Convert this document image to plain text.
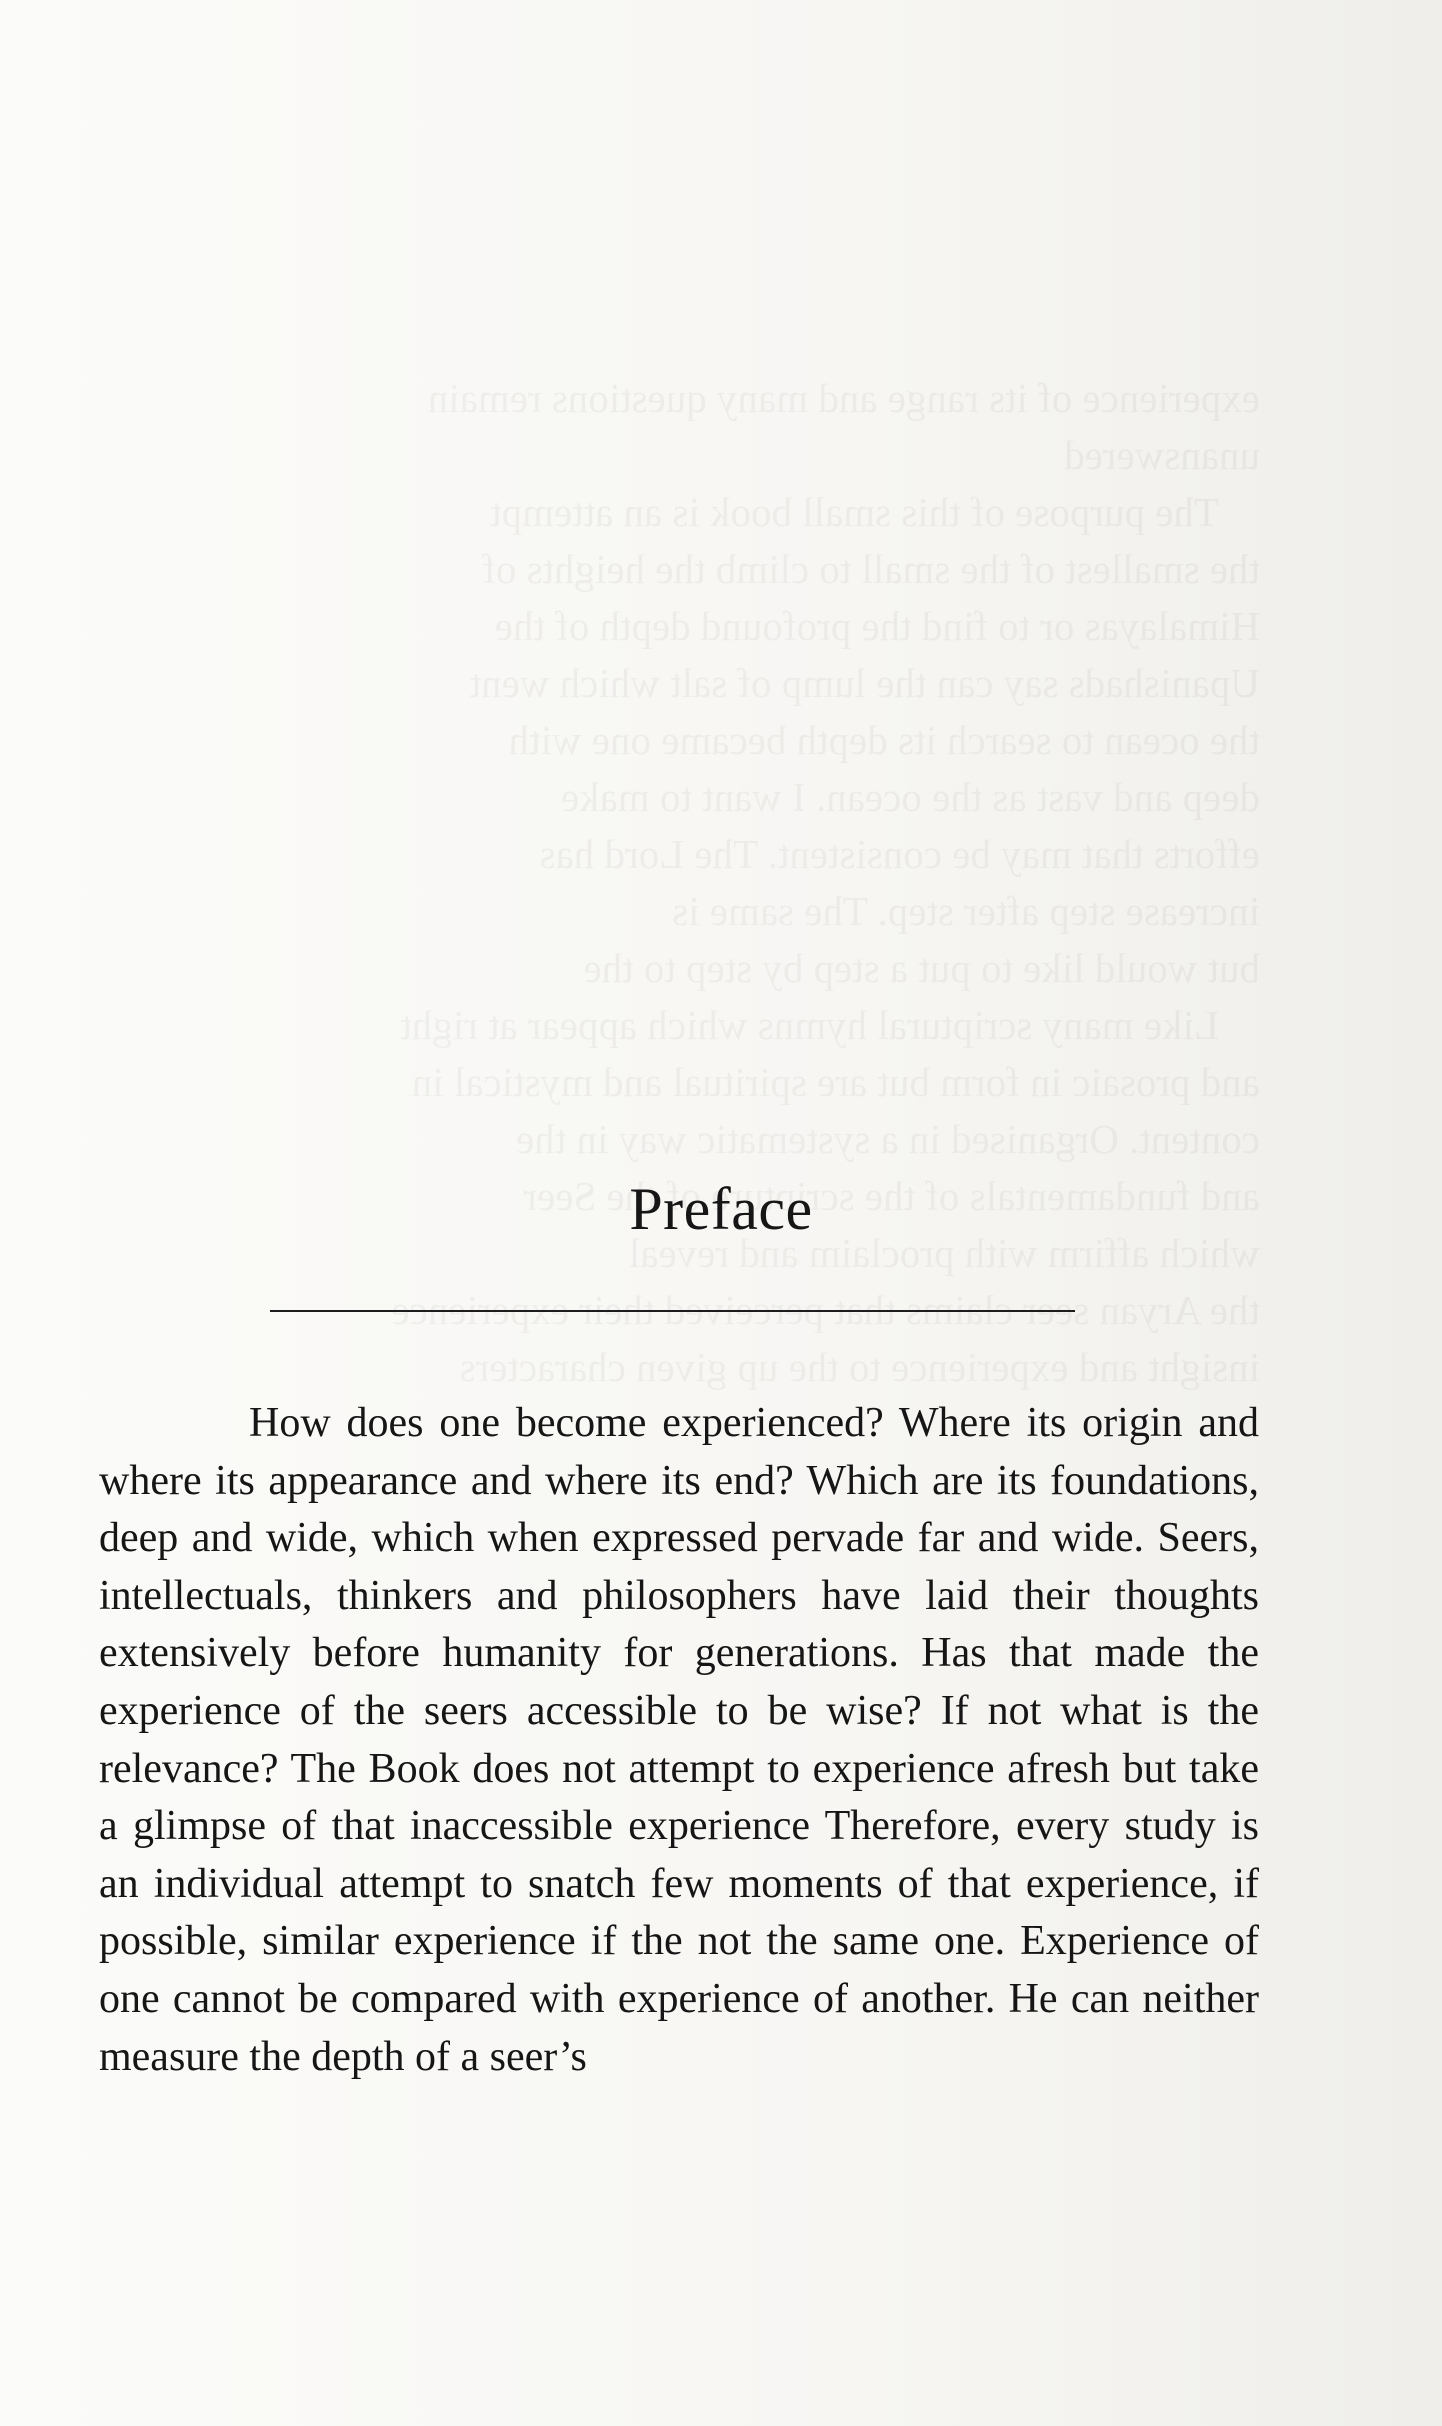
Preface

How does one become experienced? Where its origin and where its appearance and where its end? Which are its foundations, deep and wide, which when expressed pervade far and wide. Seers, intellectuals, thinkers and philosophers have laid their thoughts extensively before humanity for generations. Has that made the experience of the seers accessible to be wise? If not what is the relevance? The Book does not attempt to experience afresh but take a glimpse of that inaccessible experience Therefore, every study is an individual attempt to snatch few moments of that experience, if possible, similar experience if the not the same one. Experience of one cannot be compared with experience of another. He can neither measure the depth of a seer’s
